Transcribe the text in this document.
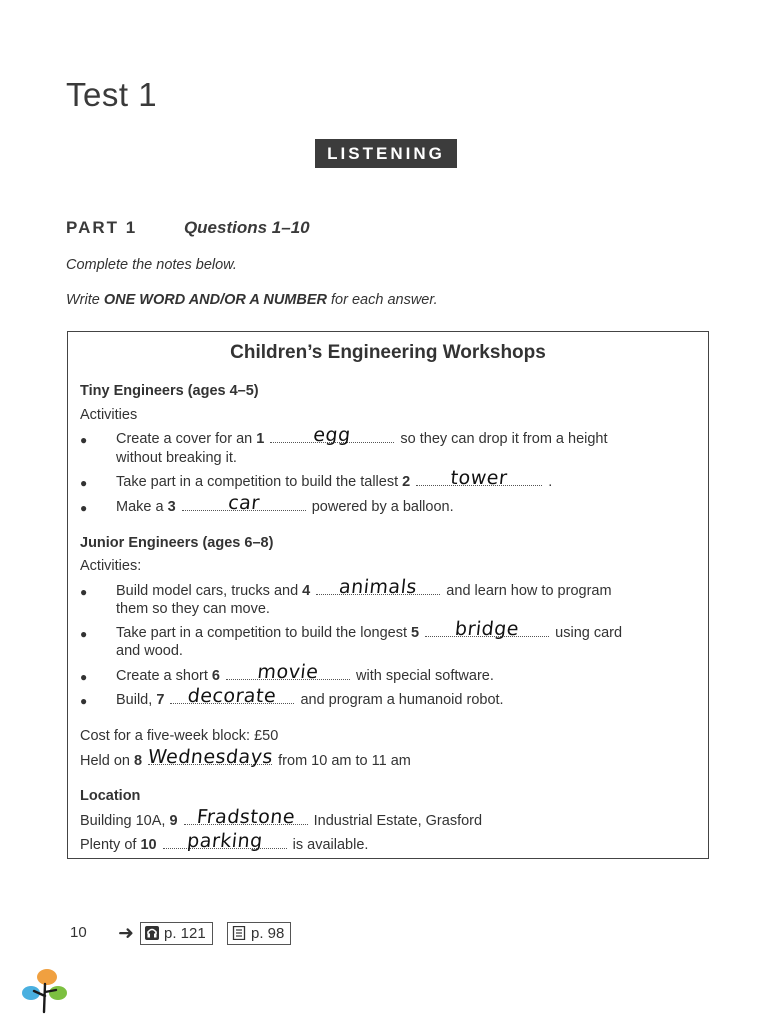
Test 1
LISTENING
PART 1	Questions 1–10
Complete the notes below.
Write ONE WORD AND/OR A NUMBER for each answer.
Children’s Engineering Workshops
Tiny Engineers (ages 4–5)
Activities
● Create a cover for an 1	egg	so they can drop it from a height
without breaking it.
● Take part in a competition to build the tallest 2	tower	.
● Make a 3	car	powered by a balloon.
Junior Engineers (ages 6–8)
Activities:
● Build model cars, trucks and 4	animals	and learn how to program
them so they can move.
● Take part in a competition to build the longest 5	bridge	using card
and wood.
● Create a short 6	movie	with special software.
● Build, 7	decorate	and program a humanoid robot.
Cost for a five-week block: £50
Held on 8 Wednesdays from 10 am to 11 am
Location
Building 10A, 9 Fradstone Industrial Estate, Grasford
Plenty of 10	parking	is available.
10 ➜	p. 121	p. 98
